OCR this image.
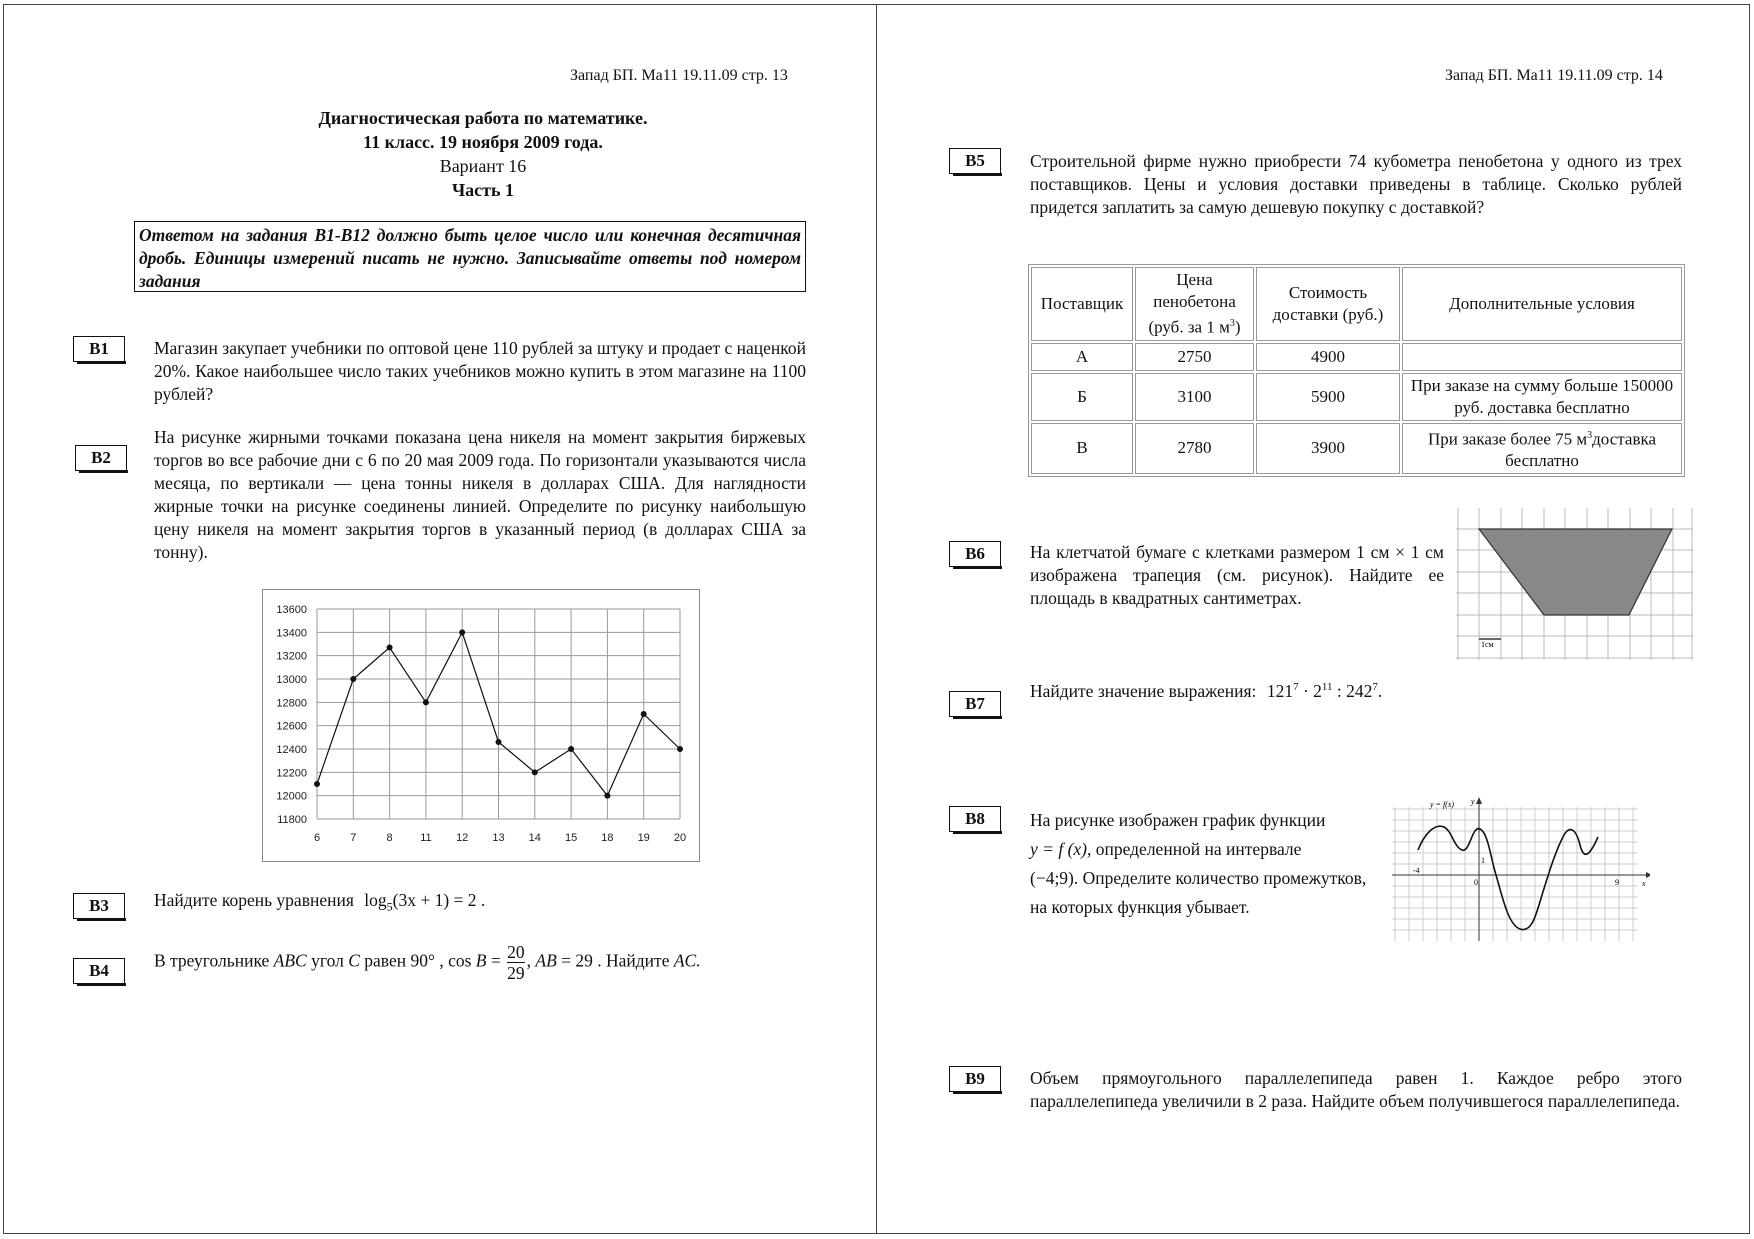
Запад БП. Ма11 19.11.09 стр. 13
Диагностическая работа по математике.
11 класс. 19 ноября 2009 года.
Вариант 16
Часть 1
Ответом на задания В1-В12 должно быть целое число или конечная десятичная дробь. Единицы измерений писать не нужно. Записывайте ответы под номером задания
B1	Магазин закупает учебники по оптовой цене 110 рублей за штуку и продает с наценкой 20%. Какое наибольшее число таких учебников можно купить в этом магазине на 1100 рублей?
B2
На рисунке жирными точками показана цена никеля на момент закрытия биржевых торгов во все рабочие дни с 6 по 20 мая 2009 года. По горизонтали указываются числа месяца, по вертикали — цена тонны никеля в долларах США. Для наглядности жирные точки на рисунке соединены линией. Определите по рисунку наибольшую цену никеля на момент закрытия торгов в указанный период (в долларах США за тонну).
11800
12000
12200
12400
12600
12800
13000
13200
13400
13600
6	7	8	11 12 13 14 15 18 19 20
B3	Найдите корень уравнения $\log_5(3x + 1) = 2$ .
B4	В треугольнике ABC угол C равен 90° , $\cos B = \frac{20}{29}$ , AB = 29 . Найдите AC.
Запад БП. Ма11 19.11.09 стр. 14
B5	Строительной фирме нужно приобрести 74 кубометра пенобетона у одного из трех поставщиков. Цены и условия доставки приведены в таблице. Сколько рублей придется заплатить за самую дешевую покупку с доставкой?
Поставщик	Цена пенобетона (руб. за 1 $м^3$)	Стоимость доставки (руб.)	Дополнительные условия
А	2750	4900	
Б	3100	5900	При заказе на сумму больше 150000 руб. доставка бесплатно
В	2780	3900	При заказе более 75 $м^3доставка$ бесплатно
B6	На клетчатой бумаге с клетками размером 1 см × 1 см изображена трапеция (см. рисунок). Найдите ее площадь в квадратных сантиметрах.
1см
B7
Найдите значение выражения: $121^7 \cdot 2^{11}$ : $242^7$.
B8	На рисунке изображен график функции
y = f (x), определенной на интервале
(−4;9). Определите количество промежутков, на которых функция убывает.
y = f(x) y
x
-4
0
1
9
B9	Объем прямоугольного параллелепипеда равен 1. Каждое ребро этого параллелепипеда увеличили в 2 раза. Найдите объем получившегося параллелепипеда.
